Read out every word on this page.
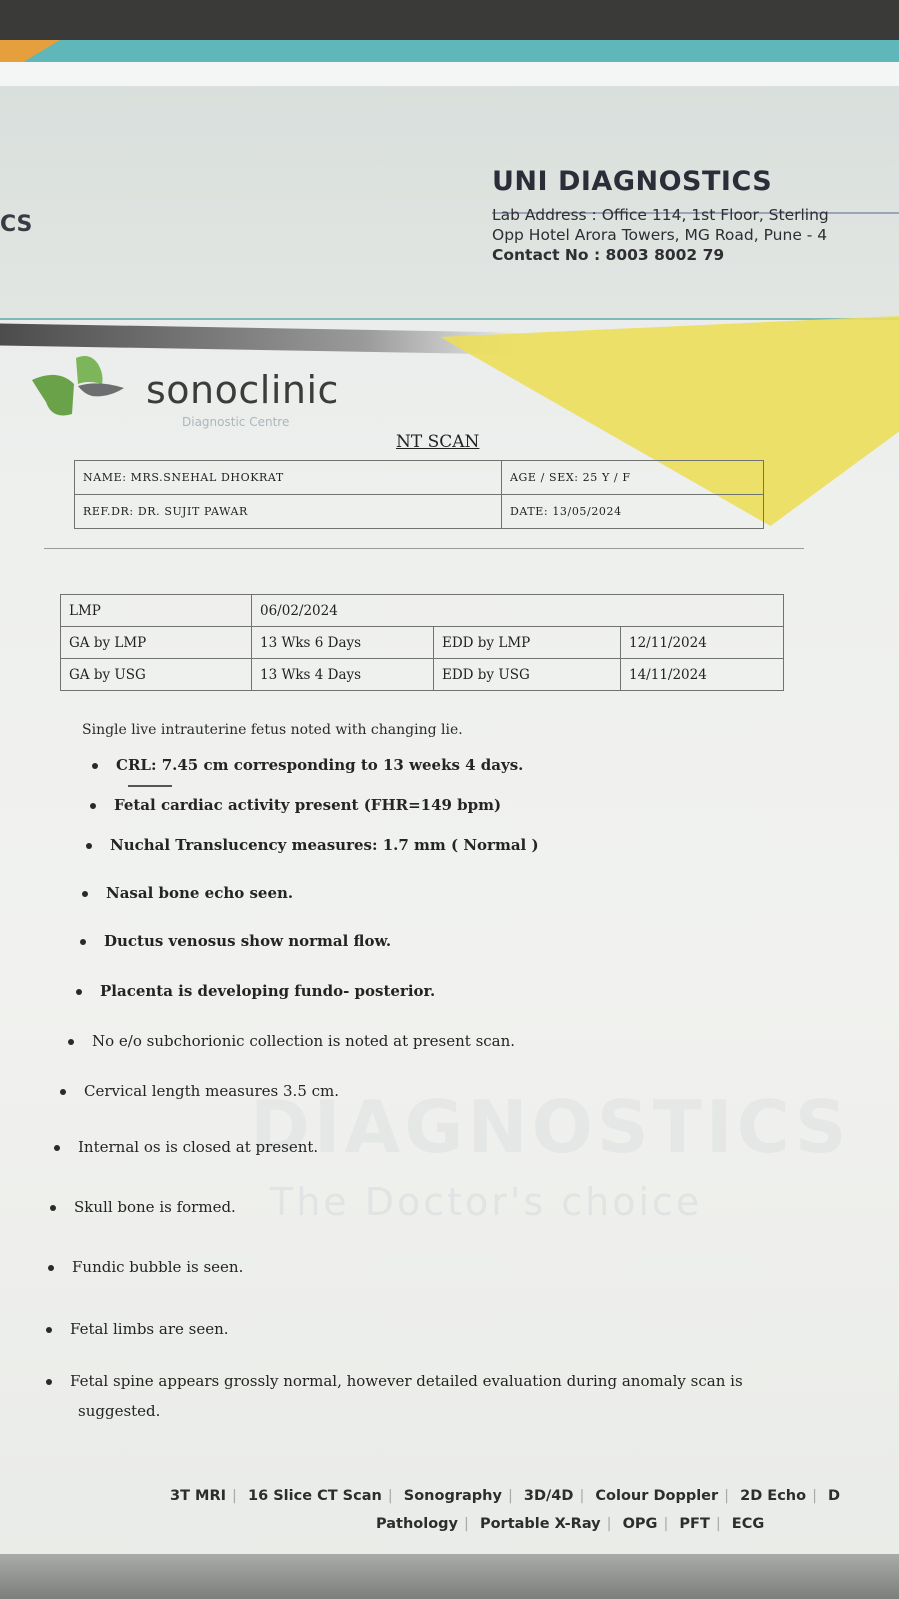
CS
UNI DIAGNOSTICS
Lab Address : Office 114, 1st Floor, Sterling
Opp Hotel Arora Towers, MG Road, Pune - 4
Contact No : 8003 8002 79
sonoclinic
Diagnostic Centre
NT SCAN
NAME: MRS.SNEHAL DHOKRAT	AGE / SEX: 25 Y / F
REF.DR: DR. SUJIT PAWAR	DATE: 13/05/2024
LMP	06/02/2024		
GA by LMP	13 Wks 6 Days	EDD by LMP	12/11/2024
GA by USG	13 Wks 4 Days	EDD by USG	14/11/2024
DIAGNOSTICS
The Doctor's choice
Single live intrauterine fetus noted with changing lie.
CRL: 7.45 cm corresponding to 13 weeks 4 days.
Fetal cardiac activity present (FHR=149 bpm)
Nuchal Translucency measures: 1.7 mm ( Normal )
Nasal bone echo seen.
Ductus venosus show normal flow.
Placenta is developing fundo- posterior.
No e/o subchorionic collection is noted at present scan.
Cervical length measures 3.5 cm.
Internal os is closed at present.
Skull bone is formed.
Fundic bubble is seen.
Fetal limbs are seen.
Fetal spine appears grossly normal, however detailed evaluation during anomaly scan is
suggested.
3T MRI | 16 Slice CT Scan | Sonography | 3D/4D | Colour Doppler | 2D Echo | D
Pathology | Portable X-Ray | OPG | PFT | ECG
